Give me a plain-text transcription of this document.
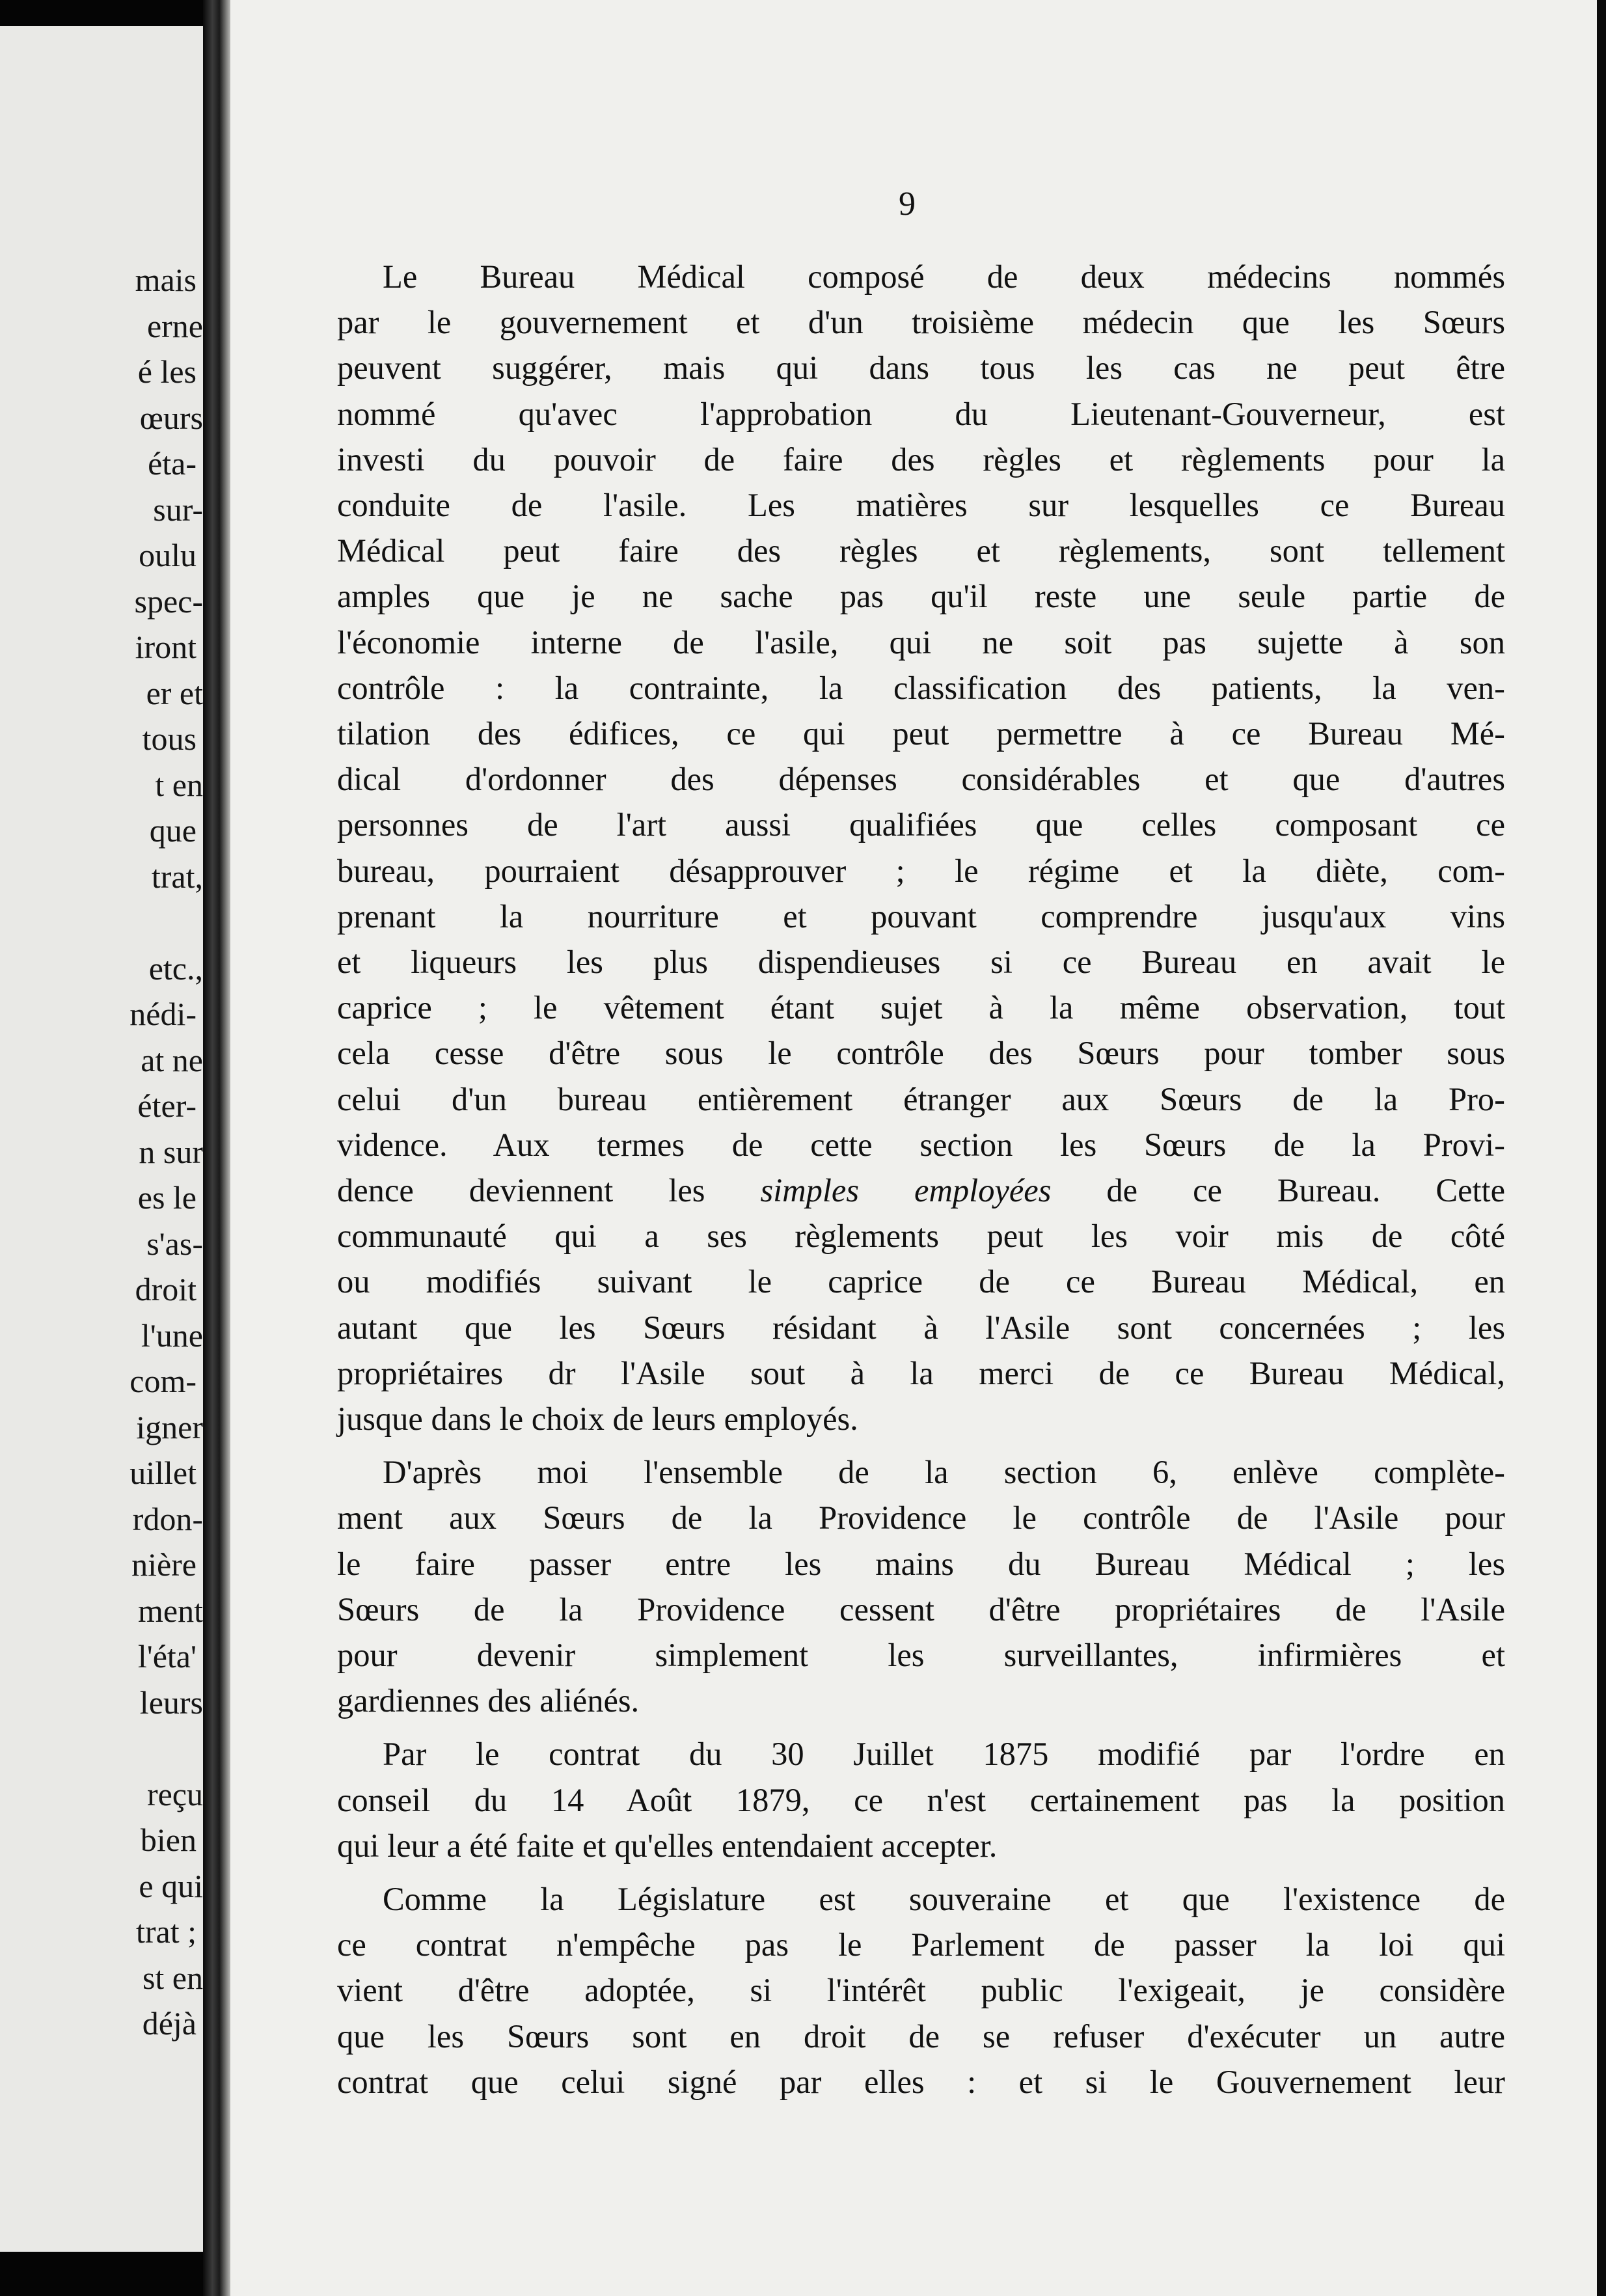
mais
erne
é les
œurs
éta-
sur-
oulu
spec-
iront
er et
tous
t en
que
trat,
etc.,
nédi-
at ne
éter-
n sur
es le
s'as-
droit
l'une
com-
igner
uillet
rdon-
nière
ment
l'éta'
leurs
reçu
bien
e qui
trat ;
st en
déjà
9
Le Bureau Médical composé de deux médecins nommés
par le gouvernement et d'un troisième médecin que les Sœurs
peuvent suggérer, mais qui dans tous les cas ne peut être
nommé qu'avec l'approbation du Lieutenant-Gouverneur, est
investi du pouvoir de faire des règles et règlements pour la
conduite de l'asile. Les matières sur lesquelles ce Bureau
Médical peut faire des règles et règlements, sont tellement
amples que je ne sache pas qu'il reste une seule partie de
l'économie interne de l'asile, qui ne soit pas sujette à son
contrôle : la contrainte, la classification des patients, la ven-
tilation des édifices, ce qui peut permettre à ce Bureau Mé-
dical d'ordonner des dépenses considérables et que d'autres
personnes de l'art aussi qualifiées que celles composant ce
bureau, pourraient désapprouver ; le régime et la diète, com-
prenant la nourriture et pouvant comprendre jusqu'aux vins
et liqueurs les plus dispendieuses si ce Bureau en avait le
caprice ; le vêtement étant sujet à la même observation, tout
cela cesse d'être sous le contrôle des Sœurs pour tomber sous
celui d'un bureau entièrement étranger aux Sœurs de la Pro-
vidence. Aux termes de cette section les Sœurs de la Provi-
dence deviennent les simples employées de ce Bureau. Cette
communauté qui a ses règlements peut les voir mis de côté
ou modifiés suivant le caprice de ce Bureau Médical, en
autant que les Sœurs résidant à l'Asile sont concernées ; les
propriétaires dr l'Asile sout à la merci de ce Bureau Médical,
jusque dans le choix de leurs employés.
D'après moi l'ensemble de la section 6, enlève complète-
ment aux Sœurs de la Providence le contrôle de l'Asile pour
le faire passer entre les mains du Bureau Médical ; les
Sœurs de la Providence cessent d'être propriétaires de l'Asile
pour devenir simplement les surveillantes, infirmières et
gardiennes des aliénés.
Par le contrat du 30 Juillet 1875 modifié par l'ordre en
conseil du 14 Août 1879, ce n'est certainement pas la position
qui leur a été faite et qu'elles entendaient accepter.
Comme la Législature est souveraine et que l'existence de
ce contrat n'empêche pas le Parlement de passer la loi qui
vient d'être adoptée, si l'intérêt public l'exigeait, je considère
que les Sœurs sont en droit de se refuser d'exécuter un autre
contrat que celui signé par elles : et si le Gouvernement leur
